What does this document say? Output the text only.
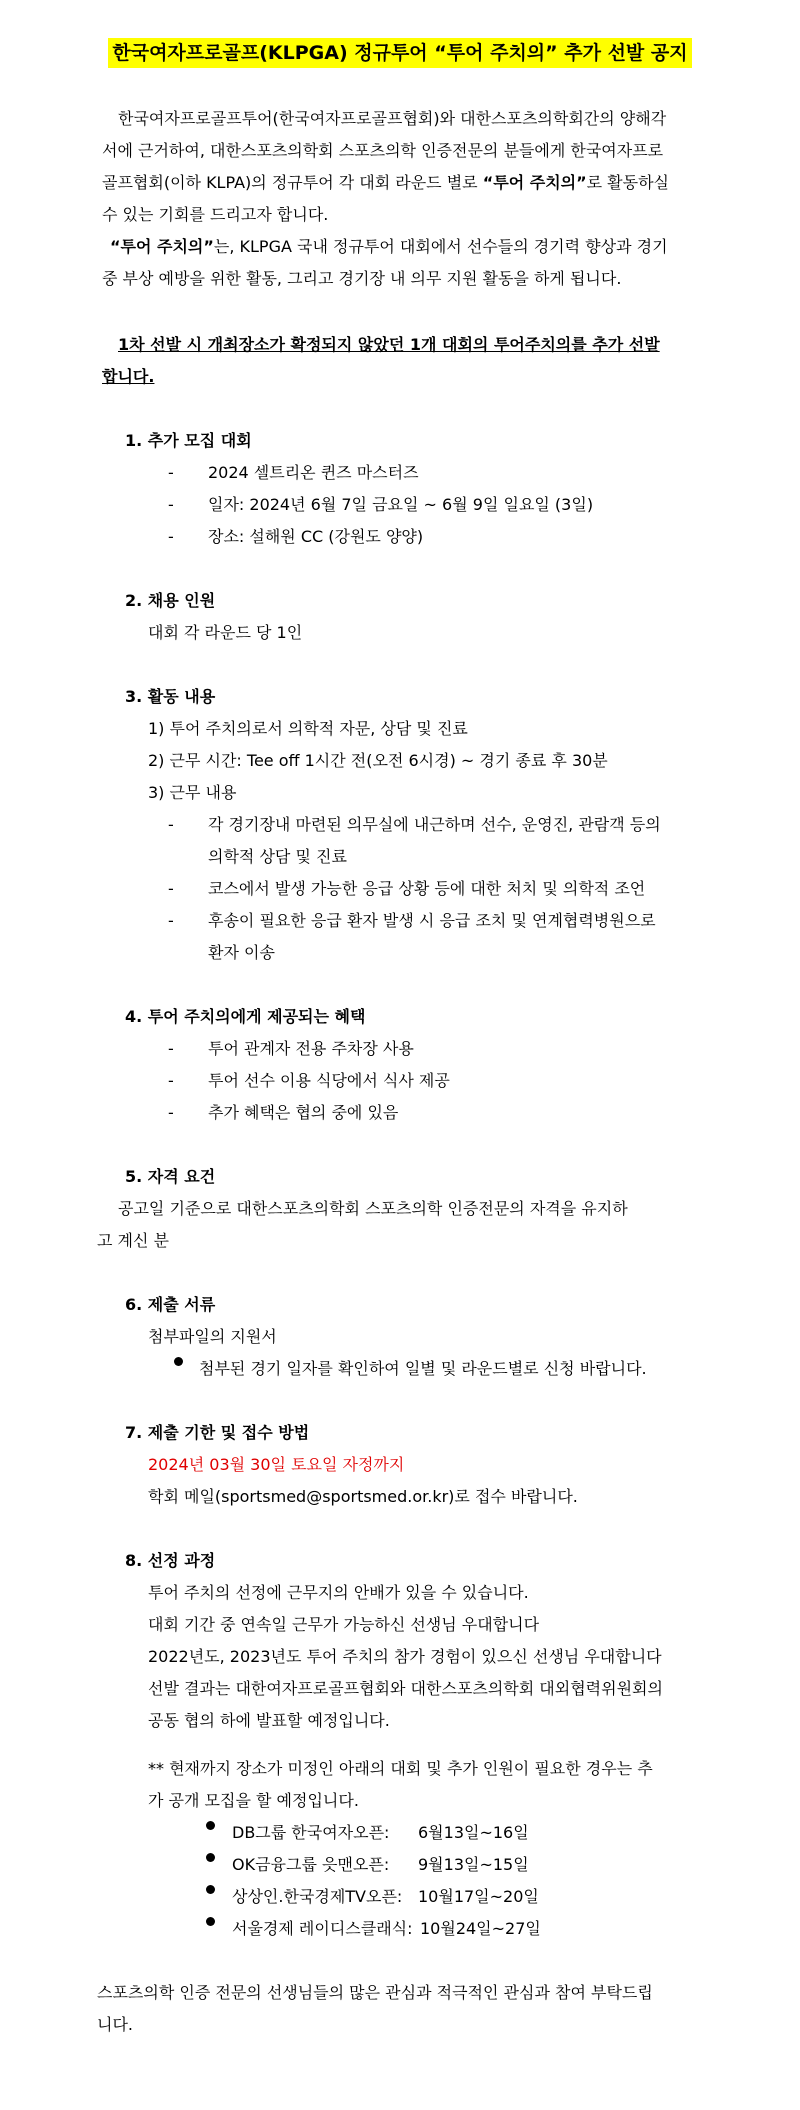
한국여자프로골프(KLPGA) 정규투어 “투어 주치의” 추가 선발 공지
한국여자프로골프투어(한국여자프로골프협회)와 대한스포츠의학회간의 양해각
서에 근거하여, 대한스포츠의학회 스포츠의학 인증전문의 분들에게 한국여자프로
골프협회(이하 KLPA)의 정규투어 각 대회 라운드 별로 “투어 주치의”로 활동하실
수 있는 기회를 드리고자 합니다.
“투어 주치의”는, KLPGA 국내 정규투어 대회에서 선수들의 경기력 향상과 경기
중 부상 예방을 위한 활동, 그리고 경기장 내 의무 지원 활동을 하게 됩니다.
1차 선발 시 개최장소가 확정되지 않았던 1개 대회의 투어주치의를 추가 선발
합니다.
1. 추가 모집 대회
- 2024 셀트리온 퀸즈 마스터즈
- 일자: 2024년 6월 7일 금요일 ~ 6월 9일 일요일 (3일)
- 장소: 설해원 CC (강원도 양양)
2. 채용 인원
대회 각 라운드 당 1인
3. 활동 내용
1) 투어 주치의로서 의학적 자문, 상담 및 진료
2) 근무 시간: Tee off 1시간 전(오전 6시경) ~ 경기 종료 후 30분
3) 근무 내용
- 각 경기장내 마련된 의무실에 내근하며 선수, 운영진, 관람객 등의
의학적 상담 및 진료
- 코스에서 발생 가능한 응급 상황 등에 대한 처치 및 의학적 조언
- 후송이 필요한 응급 환자 발생 시 응급 조치 및 연계협력병원으로
환자 이송
4. 투어 주치의에게 제공되는 혜택
- 투어 관계자 전용 주차장 사용
- 투어 선수 이용 식당에서 식사 제공
- 추가 혜택은 협의 중에 있음
5. 자격 요건
공고일 기준으로 대한스포츠의학회 스포츠의학 인증전문의 자격을 유지하
고 계신 분
6. 제출 서류
첨부파일의 지원서
첨부된 경기 일자를 확인하여 일별 및 라운드별로 신청 바랍니다.
7. 제출 기한 및 접수 방법
2024년 03월 30일 토요일 자정까지
학회 메일(sportsmed@sportsmed.or.kr)로 접수 바랍니다.
8. 선정 과정
투어 주치의 선정에 근무지의 안배가 있을 수 있습니다.
대회 기간 중 연속일 근무가 가능하신 선생님 우대합니다
2022년도, 2023년도 투어 주치의 참가 경험이 있으신 선생님 우대합니다
선발 결과는 대한여자프로골프협회와 대한스포츠의학회 대외협력위원회의
공동 협의 하에 발표할 예정입니다.
** 현재까지 장소가 미정인 아래의 대회 및 추가 인원이 필요한 경우는 추
가 공개 모집을 할 예정입니다.
DB그룹 한국여자오픈: 6월13일~16일
OK금융그룹 읏맨오픈: 9월13일~15일
상상인.한국경제TV오픈: 10월17일~20일
서울경제 레이디스클래식: 10월24일~27일
스포츠의학 인증 전문의 선생님들의 많은 관심과 적극적인 관심과 참여 부탁드립
니다.
